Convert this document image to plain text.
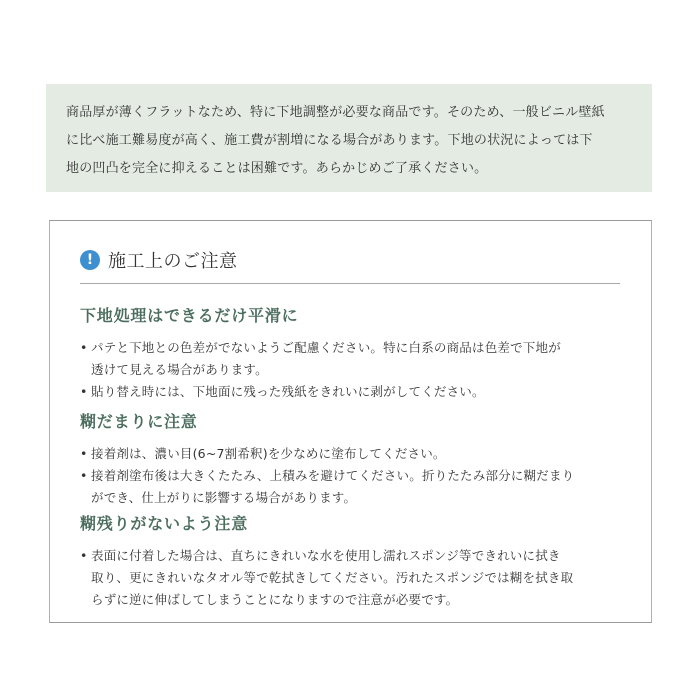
商品厚が薄くフラットなため、特に下地調整が必要な商品です。そのため、一般ビニル壁紙

に比べ施工難易度が高く、施工費が割増になる場合があります。下地の状況によっては下

地の凹凸を完全に抑えることは困難です。あらかじめご了承ください。

! 施工上のご注意
下地処理はできるだけ平滑に
• パテと下地との色差がでないようご配慮ください。特に白系の商品は色差で下地が
透けて見える場合があります。
• 貼り替え時には、下地面に残った残紙をきれいに剥がしてください。
糊だまりに注意
• 接着剤は、濃い目(6~7割希釈)を少なめに塗布してください。
• 接着剤塗布後は大きくたたみ、上積みを避けてください。折りたたみ部分に糊だまり
ができ、仕上がりに影響する場合があります。
糊残りがないよう注意
• 表面に付着した場合は、直ちにきれいな水を使用し濡れスポンジ等できれいに拭き
取り、更にきれいなタオル等で乾拭きしてください。汚れたスポンジでは糊を拭き取
らずに逆に伸ばしてしまうことになりますので注意が必要です。
